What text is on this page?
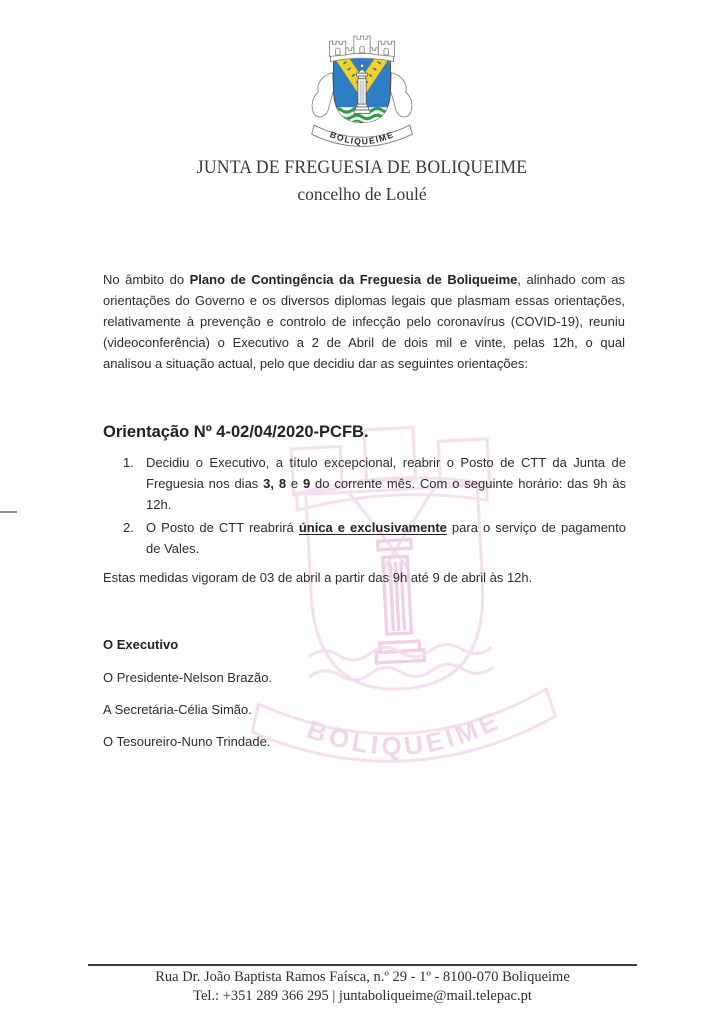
BOLIQUEIME
BOLIQUEIME
JUNTA DE FREGUESIA DE BOLIQUEIME
concelho de Loulé
No âmbito do Plano de Contingência da Freguesia de Boliqueime, alinhado com as
orientações do Governo e os diversos diplomas legais que plasmam essas orientações,
relativamente à prevenção e controlo de infecção pelo coronavírus (COVID-19), reuniu
(videoconferência) o Executivo a 2 de Abril de dois mil e vinte, pelas 12h, o qual
analisou a situação actual, pelo que decidiu dar as seguintes orientações:
Orientação Nº 4-02/04/2020-PCFB.
1. Decidiu o Executivo, a título excepcional, reabrir o Posto de CTT da Junta de
Freguesia nos dias 3, 8 e 9 do corrente mês. Com o seguinte horário: das 9h às
12h.
2. O Posto de CTT reabrirá única e exclusivamente para o serviço de pagamento
de Vales.

Estas medidas vigoram de 03 de abril a partir das 9h até 9 de abril às 12h.

O Executivo

O Presidente-Nelson Brazão.

A Secretária-Célia Simão.

O Tesoureiro-Nuno Trindade.

Rua Dr. João Baptista Ramos Faísca, n.º 29 - 1º - 8100-070 Boliqueime
Tel.: +351 289 366 295 | juntaboliqueime@mail.telepac.pt
